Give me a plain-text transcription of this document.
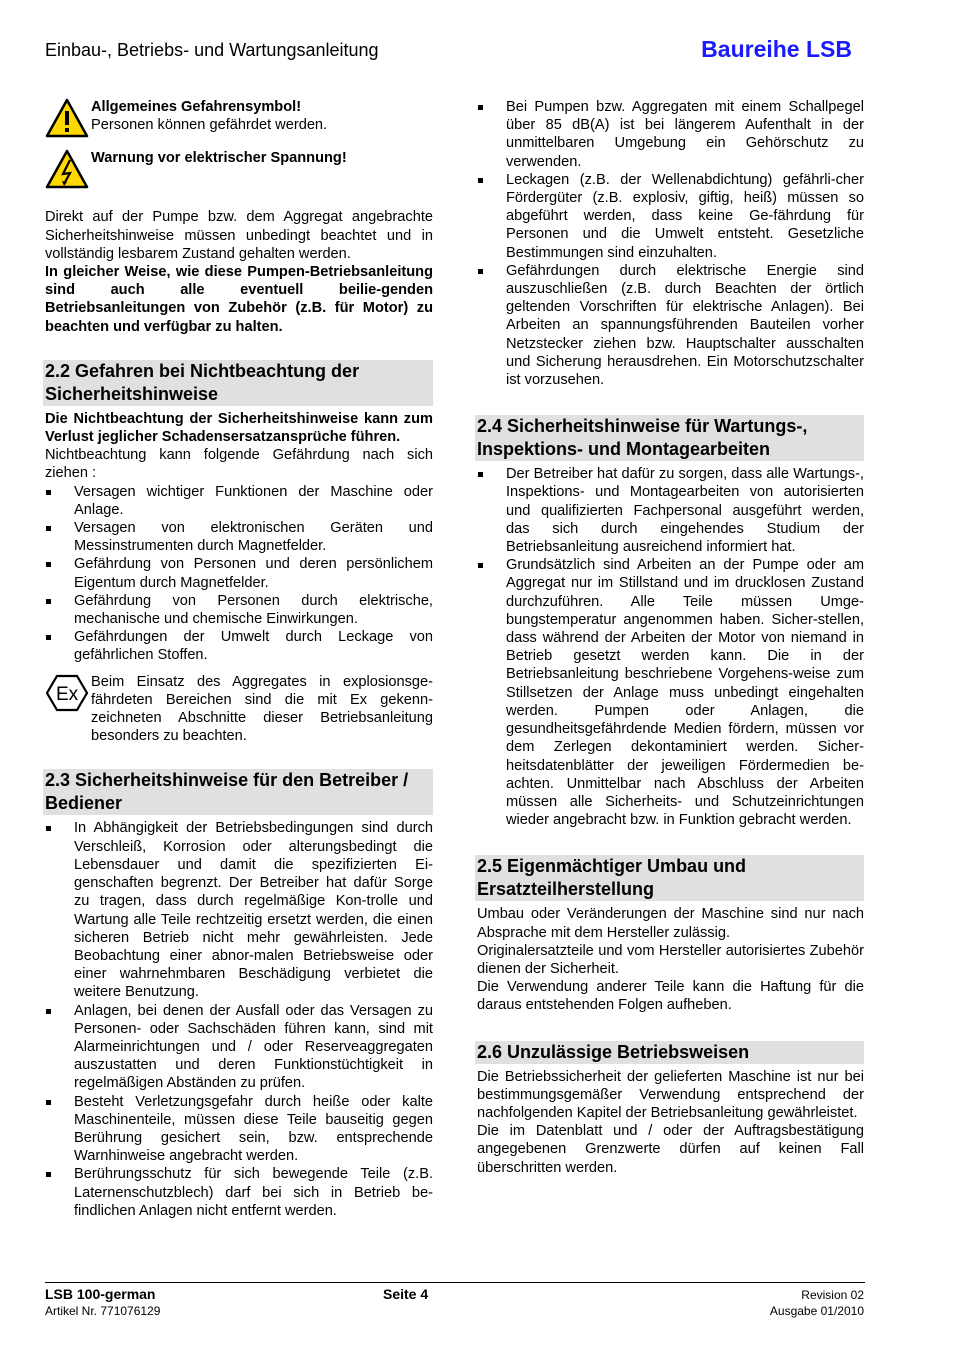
Einbau-, Betriebs- und Wartungsanleitung	Baureihe LSB
Allgemeines Gefahrensymbol!
Personen können gefährdet werden.
Warnung vor elektrischer Spannung!

Direkt auf der Pumpe bzw. dem Aggregat angebrachte Sicherheitshinweise müssen unbedingt beachtet und in vollständig lesbarem Zustand gehalten werden.

In gleicher Weise, wie diese Pumpen-Betriebsanleitung sind auch alle eventuell beilie-genden Betriebsanleitungen von Zubehör (z.B. für Motor) zu beachten und verfügbar zu halten.

2.2 Gefahren bei Nichtbeachtung der Sicherheitshinweise

Die Nichtbeachtung der Sicherheitshinweise kann zum Verlust jeglicher Schadensersatzansprüche führen.

Nichtbeachtung kann folgende Gefährdung nach sich ziehen :

Versagen wichtiger Funktionen der Maschine oder Anlage.
Versagen von elektronischen Geräten und Messinstrumenten durch Magnetfelder.
Gefährdung von Personen und deren persönlichem Eigentum durch Magnetfelder.
Gefährdung von Personen durch elektrische, mechanische und chemische Einwirkungen.
Gefährdungen der Umwelt durch Leckage von gefährlichen Stoffen.
Ex

Beim Einsatz des Aggregates in explosionsge-fährdeten Bereichen sind die mit Ex gekenn-zeichneten Abschnitte dieser Betriebsanleitung besonders zu beachten.

2.3 Sicherheitshinweise für den Betreiber / Bediener
In Abhängigkeit der Betriebsbedingungen sind durch Verschleiß, Korrosion oder alterungsbedingt die Lebensdauer und damit die spezifizierten Ei-genschaften begrenzt. Der Betreiber hat dafür Sorge zu tragen, dass durch regelmäßige Kon-trolle und Wartung alle Teile rechtzeitig ersetzt werden, die einen sicheren Betrieb nicht mehr gewährleisten. Jede Beobachtung einer abnor-malen Betriebsweise oder einer wahrnehmbaren Beschädigung verbietet die weitere Benutzung.
Anlagen, bei denen der Ausfall oder das Versagen zu Personen- oder Sachschäden führen kann, sind mit Alarmeinrichtungen und / oder Reserveaggregaten auszustatten und deren Funktionstüchtigkeit in regelmäßigen Abständen zu prüfen.
Besteht Verletzungsgefahr durch heiße oder kalte Maschinenteile, müssen diese Teile bauseitig gegen Berührung gesichert sein, bzw. entsprechende Warnhinweise angebracht werden.
Berührungsschutz für sich bewegende Teile (z.B. Laternenschutzblech) darf bei sich in Betrieb be-findlichen Anlagen nicht entfernt werden.
Bei Pumpen bzw. Aggregaten mit einem Schallpegel über 85 dB(A) ist bei längerem Aufenthalt in der unmittelbaren Umgebung ein Gehörschutz zu verwenden.
Leckagen (z.B. der Wellenabdichtung) gefährli-cher Fördergüter (z.B. explosiv, giftig, heiß) müssen so abgeführt werden, dass keine Ge-fährdung für Personen und die Umwelt entsteht. Gesetzliche Bestimmungen sind einzuhalten.
Gefährdungen durch elektrische Energie sind auszuschließen (z.B. durch Beachten der örtlich geltenden Vorschriften für elektrische Anlagen). Bei Arbeiten an spannungsführenden Bauteilen vorher Netzstecker ziehen bzw. Hauptschalter ausschalten und Sicherung herausdrehen. Ein Motorschutzschalter ist vorzusehen.
2.4 Sicherheitshinweise für Wartungs-, Inspektions- und Montagearbeiten
Der Betreiber hat dafür zu sorgen, dass alle Wartungs-, Inspektions- und Montagearbeiten von autorisierten und qualifizierten Fachpersonal ausgeführt werden, das sich durch eingehendes Studium der Betriebsanleitung ausreichend informiert hat.
Grundsätzlich sind Arbeiten an der Pumpe oder am Aggregat nur im Stillstand und im drucklosen Zustand durchzuführen. Alle Teile müssen Umge-bungstemperatur angenommen haben. Sicher-stellen, dass während der Arbeiten der Motor von niemand in Betrieb gesetzt werden kann. Die in der Betriebsanleitung beschriebene Vorgehens-weise zum Stillsetzen der Anlage muss unbedingt eingehalten werden. Pumpen oder Anlagen, die gesundheitsgefährdende Medien fördern, müssen vor dem Zerlegen dekontaminiert werden. Sicher-heitsdatenblätter der jeweiligen Fördermedien be-achten. Unmittelbar nach Abschluss der Arbeiten müssen alle Sicherheits- und Schutzeinrichtungen wieder angebracht bzw. in Funktion gebracht werden.
2.5 Eigenmächtiger Umbau und Ersatzteilherstellung

Umbau oder Veränderungen der Maschine sind nur nach Absprache mit dem Hersteller zulässig.

Originalersatzteile und vom Hersteller autorisiertes Zubehör dienen der Sicherheit.

Die Verwendung anderer Teile kann die Haftung für die daraus entstehenden Folgen aufheben.

2.6 Unzulässige Betriebsweisen

Die Betriebssicherheit der gelieferten Maschine ist nur bei bestimmungsgemäßer Verwendung entsprechend der nachfolgenden Kapitel der Betriebsanleitung gewährleistet.

Die im Datenblatt und / oder der Auftragsbestätigung angegebenen Grenzwerte dürfen auf keinen Fall überschritten werden.

LSB 100-german
Artikel Nr. 771076129
Seite 4	Revision 02
Ausgabe 01/2010
